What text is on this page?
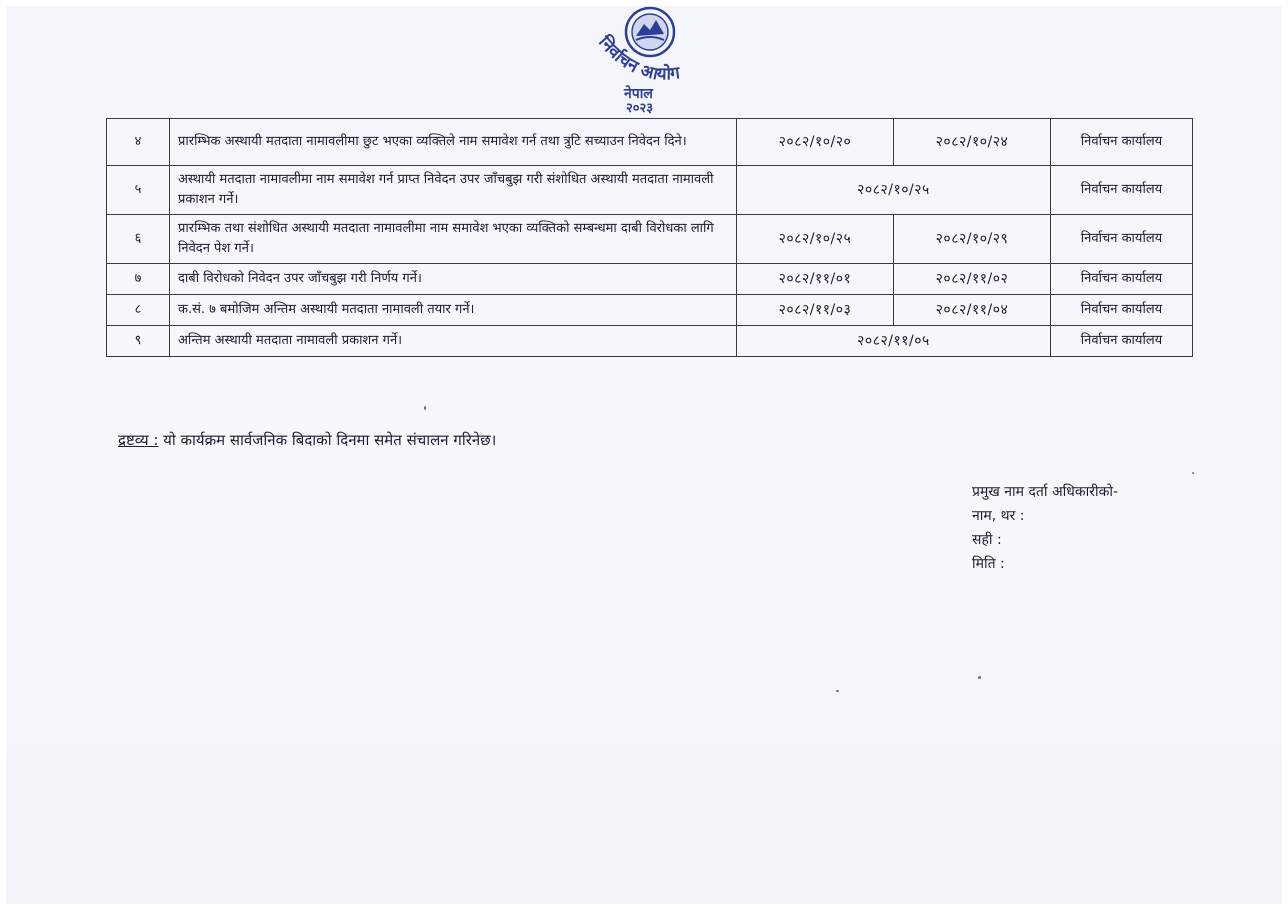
निर्वाचन आयोग
नेपाल
२०२३
४	प्रारम्भिक अस्थायी मतदाता नामावलीमा छुट भएका व्यक्तिले नाम समावेश गर्न तथा त्रुटि सच्याउन निवेदन दिने।	२०८२/१०/२०	२०८२/१०/२४	निर्वाचन कार्यालय
५	अस्थायी मतदाता नामावलीमा नाम समावेश गर्न प्राप्त निवेदन उपर जाँचबुझ गरी संशोधित अस्थायी मतदाता नामावली प्रकाशन गर्ने।	२०८२/१०/२५		निर्वाचन कार्यालय
६	प्रारम्भिक तथा संशोधित अस्थायी मतदाता नामावलीमा नाम समावेश भएका व्यक्तिको सम्बन्धमा दाबी विरोधका लागि निवेदन पेश गर्ने।	२०८२/१०/२५	२०८२/१०/२९	निर्वाचन कार्यालय
७	दाबी विरोधको निवेदन उपर जाँचबुझ गरी निर्णय गर्ने।	२०८२/११/०१	२०८२/११/०२	निर्वाचन कार्यालय
८	क.सं. ७ बमोजिम अन्तिम अस्थायी मतदाता नामावली तयार गर्ने।	२०८२/११/०३	२०८२/११/०४	निर्वाचन कार्यालय
९	अन्तिम अस्थायी मतदाता नामावली प्रकाशन गर्ने।	२०८२/११/०५		निर्वाचन कार्यालय
द्रष्टव्य : यो कार्यक्रम सार्वजनिक बिदाको दिनमा समेत संचालन गरिनेछ।
प्रमुख नाम दर्ता अधिकारीको-
नाम, थर :
सही :
मिति :
